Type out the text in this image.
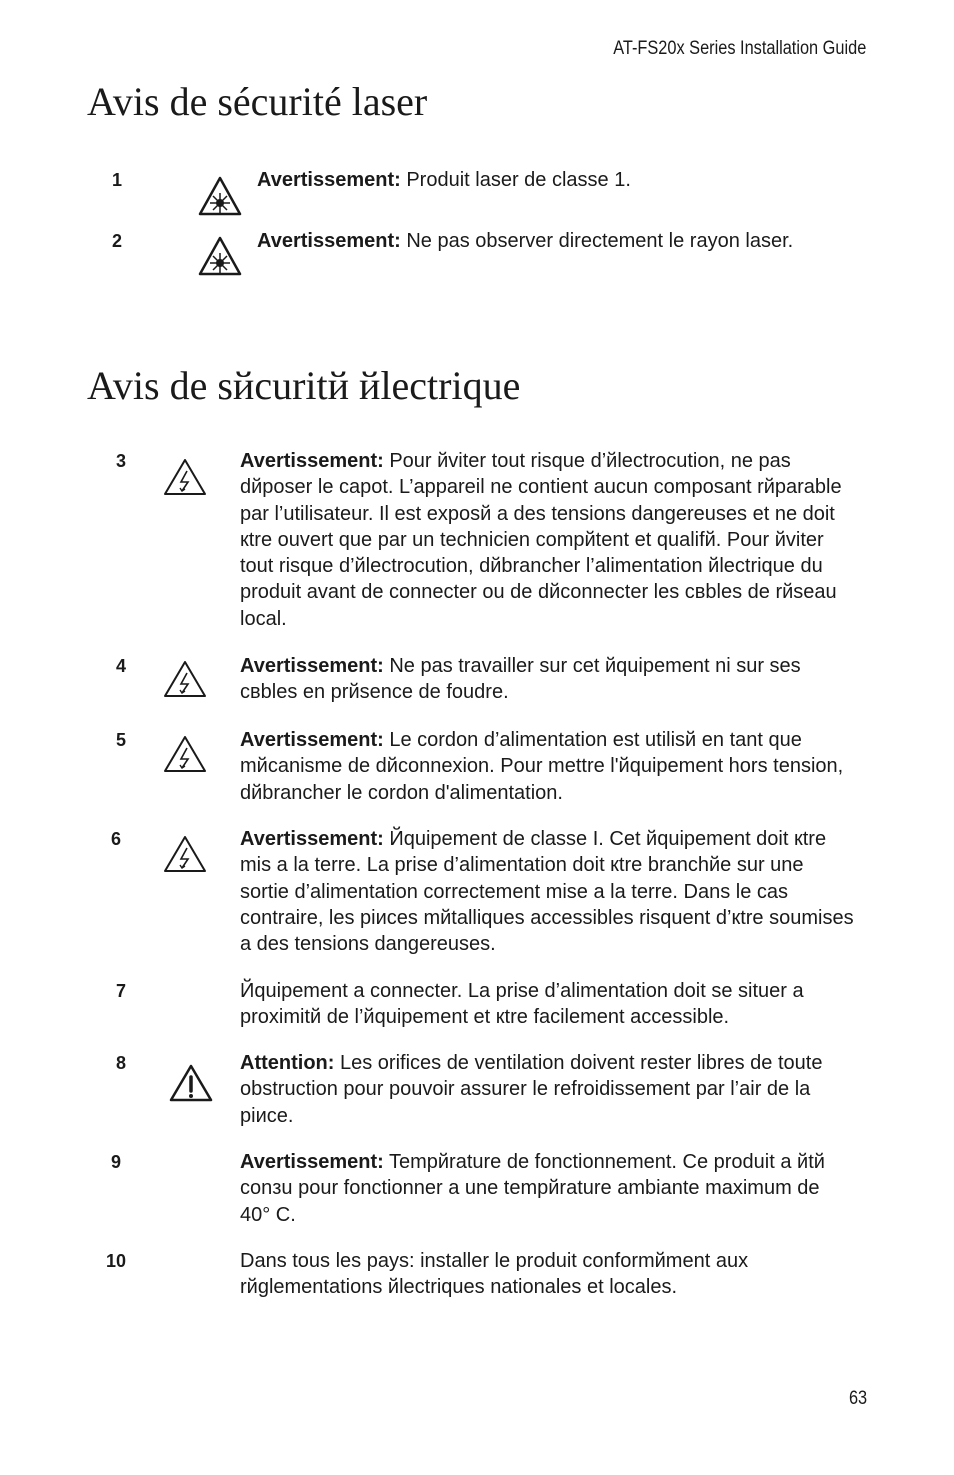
AT-FS20x Series Installation Guide
Avis de sécurité laser
1	Avertissement: Produit laser de classe 1.
2	Avertissement: Ne pas observer directement le rayon laser.
Avis de sйcuritй йlectrique
3	Avertissement: Pour йviter tout risque d’йlectrocution, ne pas dйposer le capot. L’appareil ne contient aucun composant rйparable par l’utilisateur. Il est exposй a des tensions dangereuses et ne doit кtre ouvert que par un technicien compйtent et qualifй. Pour йviter tout risque d’йlectrocution, dйbrancher l’alimentation йlectrique du produit avant de connecter ou de dйconnecter les cвbles de rйseau local.
4	Avertissement: Ne pas travailler sur cet йquipement ni sur ses cвbles en prйsence de foudre.
5	Avertissement: Le cordon d’alimentation est utilisй en tant que mйcanisme de dйconnexion. Pour mettre l'йquipement hors tension, dйbrancher le cordon d'alimentation.
6	Avertissement: Йquipement de classe I. Cet йquipement doit кtre mis a la terre. La prise d’alimentation doit кtre branchйe sur une sortie d’alimentation correctement mise a la terre. Dans le cas contraire, les piиces mйtalliques accessibles risquent d’кtre soumises a des tensions dangereuses.
7	Йquipement a connecter. La prise d’alimentation doit se situer a proximitй de l’йquipement et кtre facilement accessible.
8	Attention: Les orifices de ventilation doivent rester libres de toute obstruction pour pouvoir assurer le refroidissement par l’air de la piиce.
9	Avertissement: Tempйrature de fonctionnement. Ce produit a йtй conзu pour fonctionner a une tempйrature ambiante maximum de 40° C.
10	Dans tous les pays: installer le produit conformйment aux rйglementations йlectriques nationales et locales.
63
